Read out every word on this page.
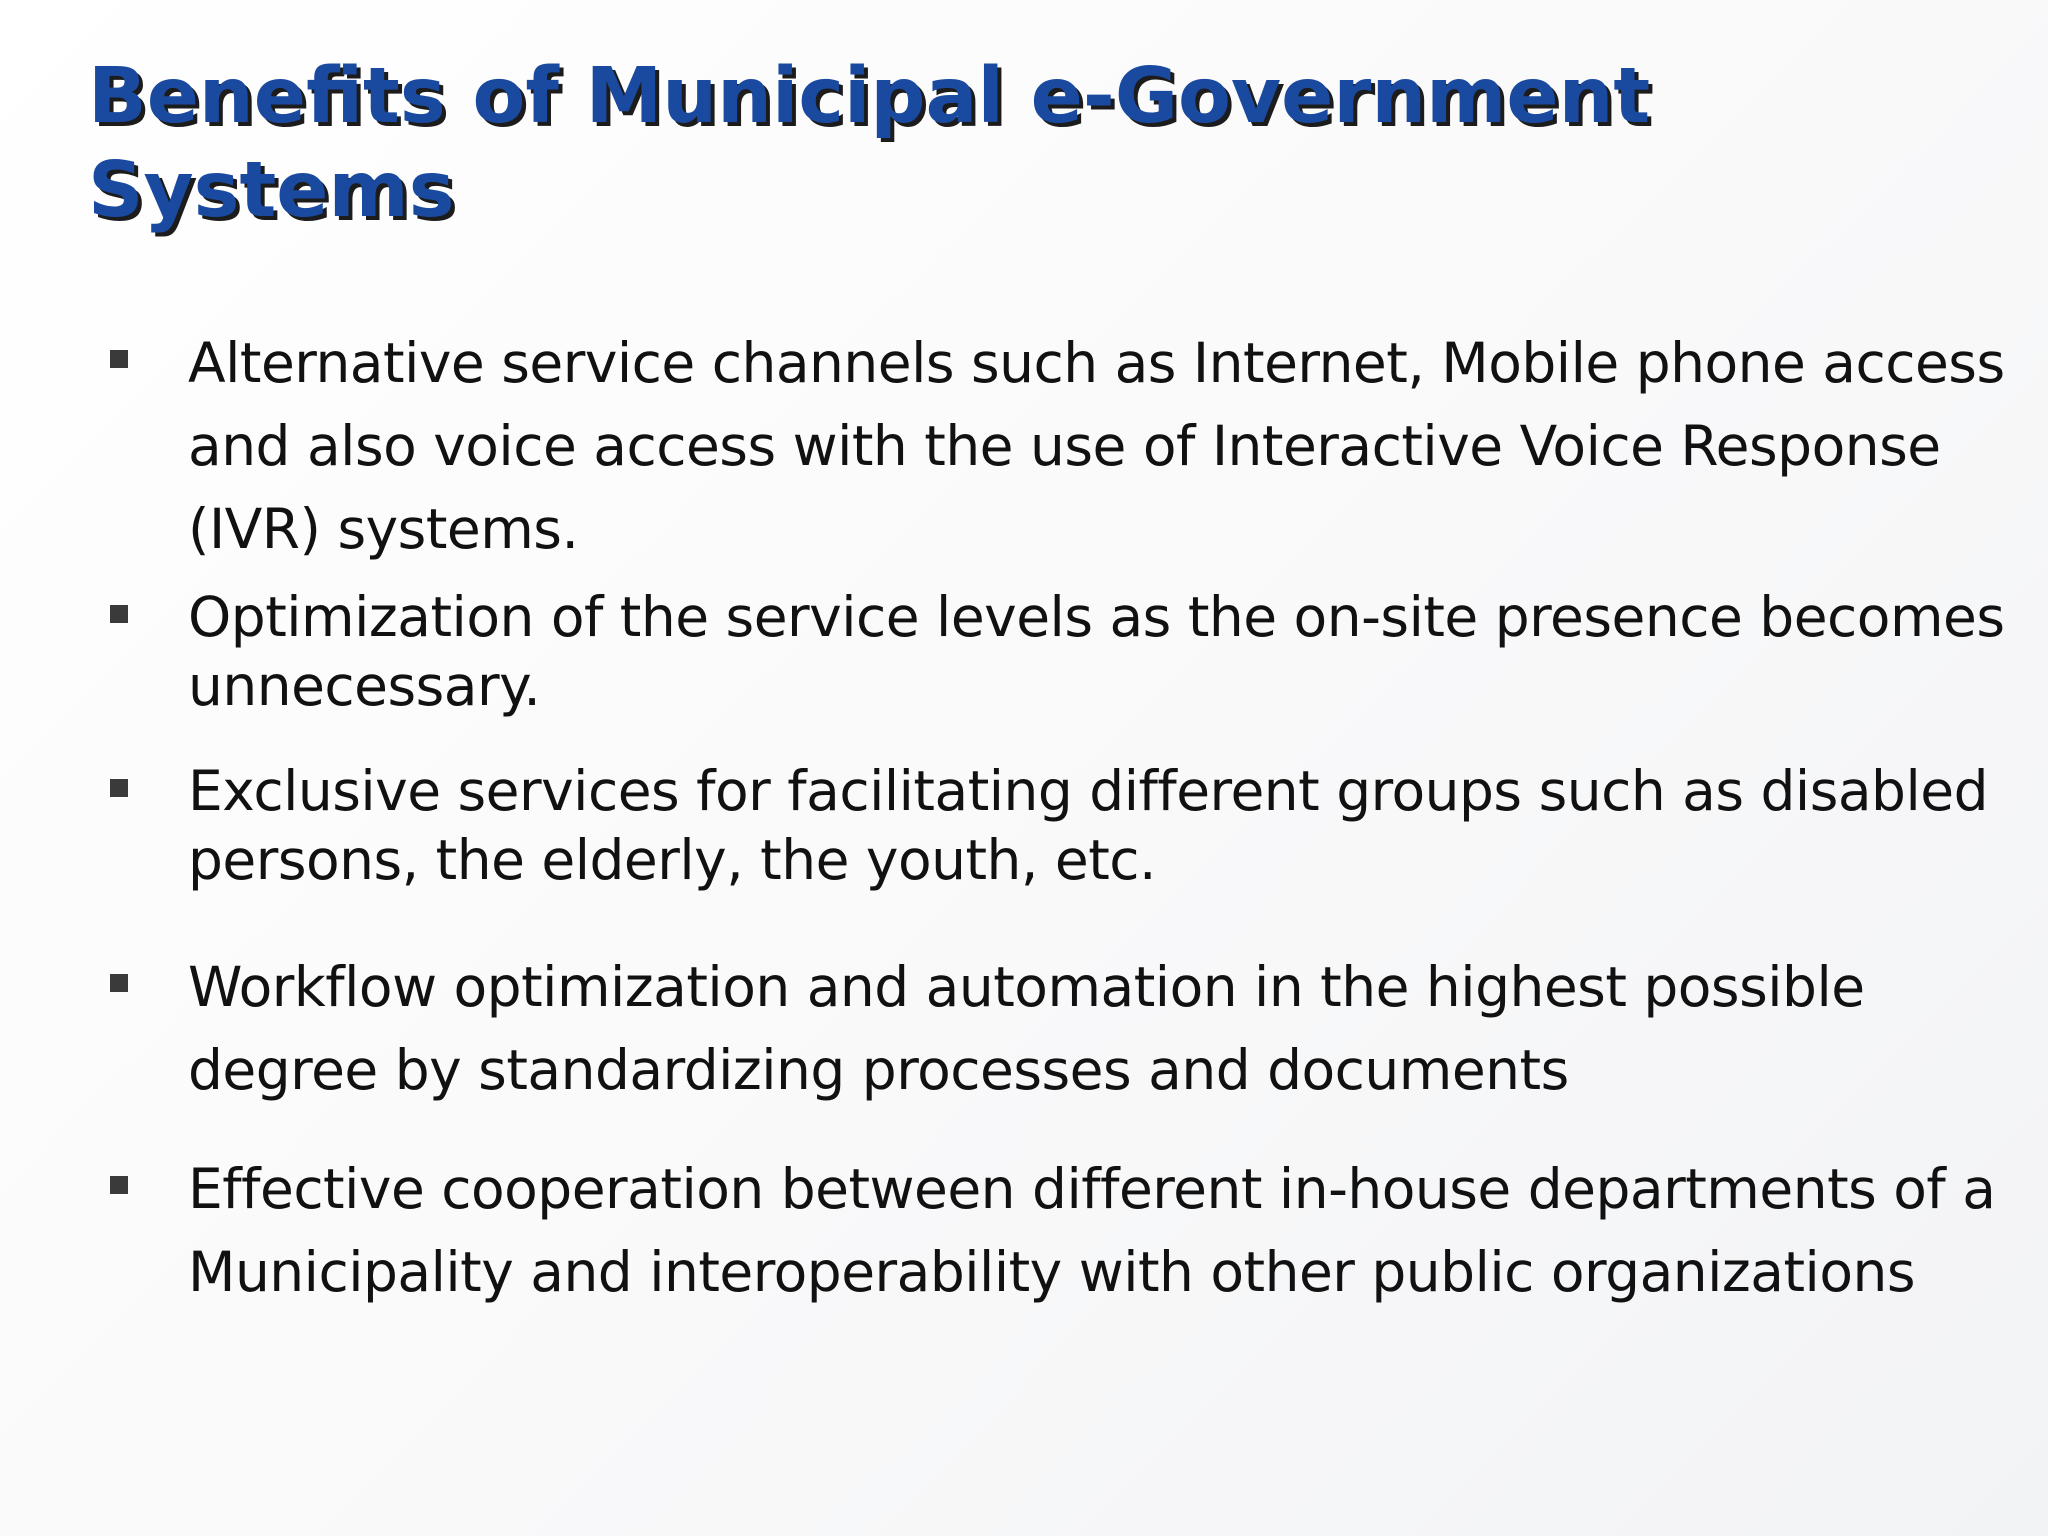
Benefits of Municipal e-Government Systems
Alternative service channels such as Internet, Mobile phone access and also voice access with the use of Interactive Voice Response (IVR) systems.
Optimization of the service levels as the on-site presence becomes unnecessary.
Exclusive services for facilitating different groups such as disabled persons, the elderly, the youth, etc.
Workflow optimization and automation in the highest possible degree by standardizing processes and documents
Effective cooperation between different in-house departments of a Municipality and interoperability with other public organizations
